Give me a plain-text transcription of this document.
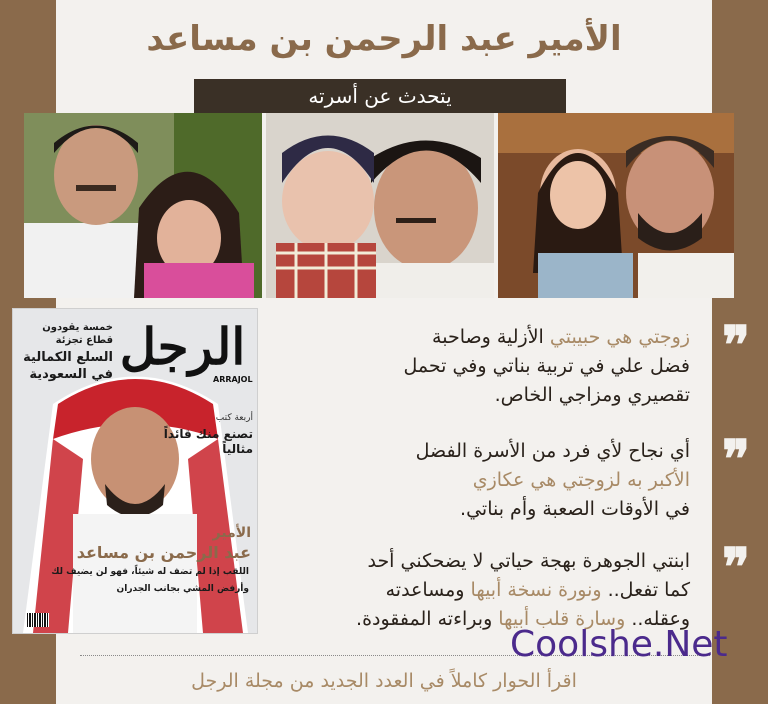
الأمير عبد الرحمن بن مساعد
يتحدث عن أسرته
❞
❞
❞
زوجتي هي حبيبتي الأزلية وصاحبة
فضل علي في تربية بناتي وفي تحمل
تقصيري ومزاجي الخاص.
أي نجاح لأي فرد من الأسرة الفضل
الأكبر به لزوجتي هي عكازي
في الأوقات الصعبة وأم بناتي.
ابنتي الجوهرة بهجة حياتي لا يضحكني أحد
كما تفعل.. ونورة نسخة أبيها ومساعدته
وعقله.. وسارة قلب أبيها وبراءته المفقودة.
الرجل
ARRAJOL
خمسة يقودون قطاع تجزئة
السلع الكمالية في السعودية
أربعة كتب
تصنع منك قائداً مثالياً
الأمير
عبد الرحمن بن مساعد
اللقب إذا لم تضف له شيئاً، فهو لن يضيف لك
وأرفض المشي بجانب الجدران
اقرأ الحوار كاملاً في العدد الجديد من مجلة الرجل
Coolshe.Net
